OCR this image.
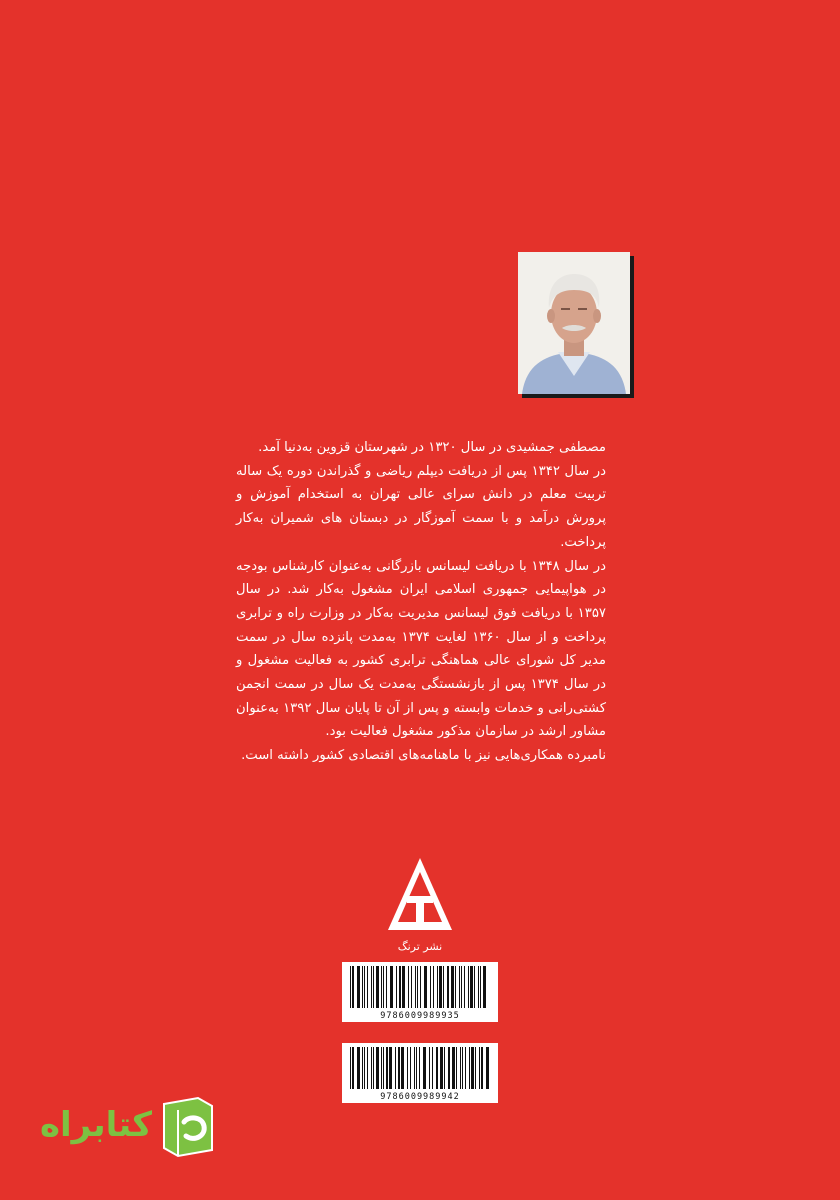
مصطفی جمشیدی در سال ۱۳۲۰ در شهرستان قزوین به‌دنیا آمد.

در سال ۱۳۴۲ پس از دریافت دیپلم ریاضی و گذراندن دوره یک ساله تربیت معلم در دانش سرای عالی تهران به استخدام آموزش و پرورش درآمد و با سمت آموزگار در دبستان های شمیران به‌کار پرداخت.

در سال ۱۳۴۸ با دریافت لیسانس بازرگانی به‌عنوان کارشناس بودجه در هواپیمایی جمهوری اسلامی ایران مشغول به‌کار شد. در سال ۱۳۵۷ با دریافت فوق لیسانس مدیریت به‌کار در وزارت راه و ترابری پرداخت و از سال ۱۳۶۰ لغایت ۱۳۷۴ به‌مدت پانزده سال در سمت مدیر کل شورای عالی هماهنگی ترابری کشور به فعالیت مشغول و در سال ۱۳۷۴ پس از بازنشستگی به‌مدت یک سال در سمت انجمن کشتی‌رانی و خدمات وابسته و پس از آن تا پایان سال ۱۳۹۲ به‌عنوان مشاور ارشد در سازمان مذکور مشغول فعالیت بود.

نامبرده همکاری‌هایی نیز با ماهنامه‌های اقتصادی کشور داشته است.

نشر ترنگ
9786009989935
9786009989942
کتابراه
